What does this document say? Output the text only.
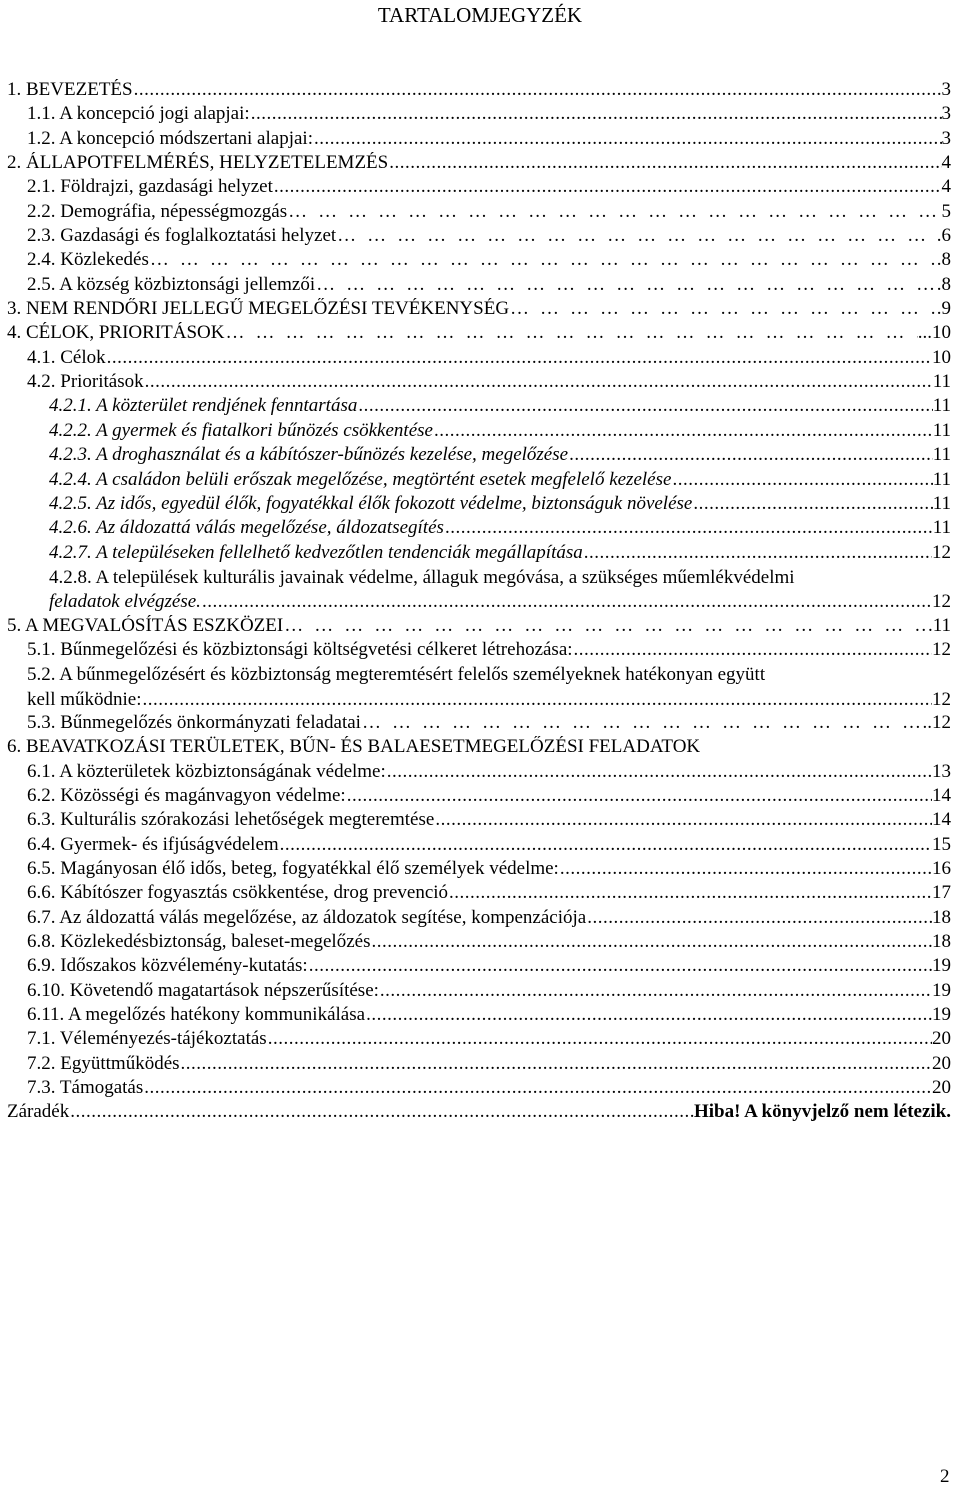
TARTALOMJEGYZÉK
1. BEVEZETÉS .....	3
1.1. A koncepció jogi alapjai: .....	3
1.2. A koncepció módszertani alapjai: .....	3
2. ÁLLAPOTFELMÉRÉS, HELYZETELEMZÉS .....	4
2.1. Földrajzi, gazdasági helyzet .....	4
2.2. Demográfia, népességmozgás ………………………………………………………………………………………………………………………………………………………………………………	5
2.3. Gazdasági és foglalkoztatási helyzet ………………………………………………………………………………………………………………………………………………………………………………	.6
2.4. Közlekedés ………………………………………………………………………………………………………………………………………………………………………………	.8
2.5. A község közbiztonsági jellemzői ………………………………………………………………………………………………………………………………………………………………………………	.8
3. NEM RENDŐRI JELLEGŰ MEGELŐZÉSI TEVÉKENYSÉG ………………………………………………………………………………………………………………………………………………………………………………	.9
4. CÉLOK, PRIORITÁSOK ………………………………………………………………………………………………………………………………………………………………………………	...10
4.1. Célok .....	10
4.2. Prioritások .....	11
4.2.1. A közterület rendjének fenntartása .....	11
4.2.2. A gyermek és fiatalkori bűnözés csökkentése .....	11
4.2.3. A droghasználat és a kábítószer-bűnözés kezelése, megelőzése .....	11
4.2.4. A családon belüli erőszak megelőzése, megtörtént esetek megfelelő kezelése .....	11
4.2.5. Az idős, egyedül élők, fogyatékkal élők fokozott védelme, biztonságuk növelése .....	11
4.2.6. Az áldozattá válás megelőzése, áldozatsegítés .....	11
4.2.7. A településeken fellelhető kedvezőtlen tendenciák megállapítása .....	12
4.2.8. A települések kulturális javainak védelme, állaguk megóvása, a szükséges műemlékvédelmi
feladatok elvégzése. .....	12
5. A MEGVALÓSÍTÁS ESZKÖZEI ………………………………………………………………………………………………………………………………………………………………………………	.11
5.1. Bűnmegelőzési és közbiztonsági költségvetési célkeret létrehozása: .....	12
5.2. A bűnmegelőzésért és közbiztonság megteremtésért felelős személyeknek hatékonyan együtt
kell működnie: .....	12
5.3. Bűnmegelőzés önkormányzati feladatai ………………………………………………………………………………………………………………………………………………………………………………	..12
6. BEAVATKOZÁSI TERÜLETEK, BŰN- ÉS BALAESETMEGELŐZÉSI FELADATOK
6.1. A közterületek közbiztonságának védelme: .....	13
6.2. Közösségi és magánvagyon védelme: .....	14
6.3. Kulturális szórakozási lehetőségek megteremtése .....	14
6.4. Gyermek- és ifjúságvédelem .....	15
6.5. Magányosan élő idős, beteg, fogyatékkal élő személyek védelme: .....	16
6.6. Kábítószer fogyasztás csökkentése, drog prevenció .....	17
6.7. Az áldozattá válás megelőzése, az áldozatok segítése, kompenzációja .....	18
6.8. Közlekedésbiztonság, baleset-megelőzés .....	18
6.9. Időszakos közvélemény-kutatás: .....	19
6.10. Követendő magatartások népszerűsítése: .....	19
6.11. A megelőzés hatékony kommunikálása .....	19
7.1. Véleményezés-tájékoztatás .....	20
7.2. Együttműködés .....	20
7.3. Támogatás .....	20
Záradék .....	Hiba! A könyvjelző nem létezik.
2
